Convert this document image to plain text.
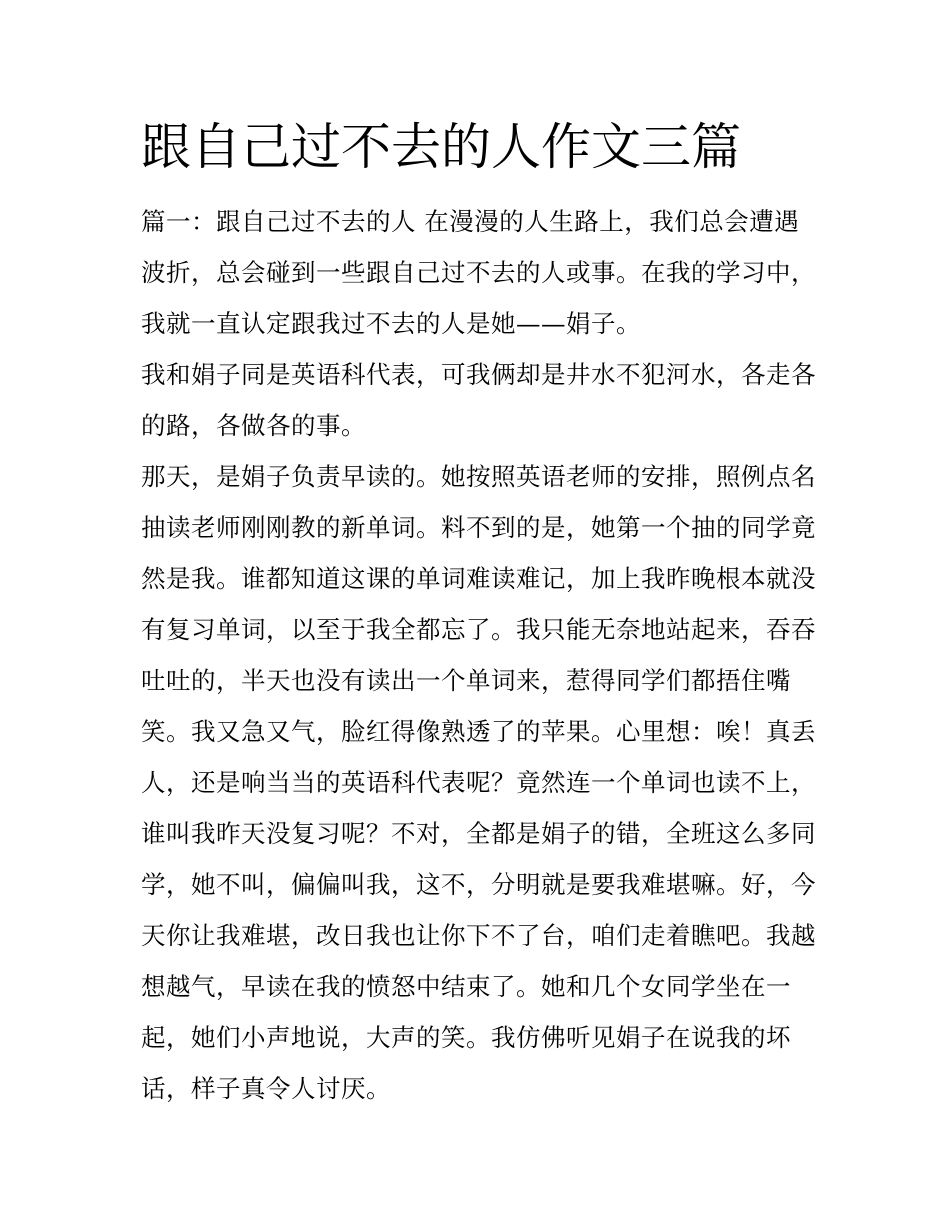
跟自己过不去的人作文三篇

篇一：跟自己过不去的人 在漫漫的人生路上，我们总会遭遇

波折，总会碰到一些跟自己过不去的人或事。在我的学习中，

我就一直认定跟我过不去的人是她——娟子。

我和娟子同是英语科代表，可我俩却是井水不犯河水，各走各

的路，各做各的事。

那天，是娟子负责早读的。她按照英语老师的安排，照例点名

抽读老师刚刚教的新单词。料不到的是，她第一个抽的同学竟

然是我。谁都知道这课的单词难读难记，加上我昨晚根本就没

有复习单词，以至于我全都忘了。我只能无奈地站起来，吞吞

吐吐的，半天也没有读出一个单词来，惹得同学们都捂住嘴

笑。我又急又气，脸红得像熟透了的苹果。心里想：唉！真丢

人，还是响当当的英语科代表呢？竟然连一个单词也读不上，

谁叫我昨天没复习呢？不对，全都是娟子的错，全班这么多同

学，她不叫，偏偏叫我，这不，分明就是要我难堪嘛。好，今

天你让我难堪，改日我也让你下不了台，咱们走着瞧吧。我越

想越气，早读在我的愤怒中结束了。她和几个女同学坐在一

起，她们小声地说，大声的笑。我仿佛听见娟子在说我的坏

话，样子真令人讨厌。
